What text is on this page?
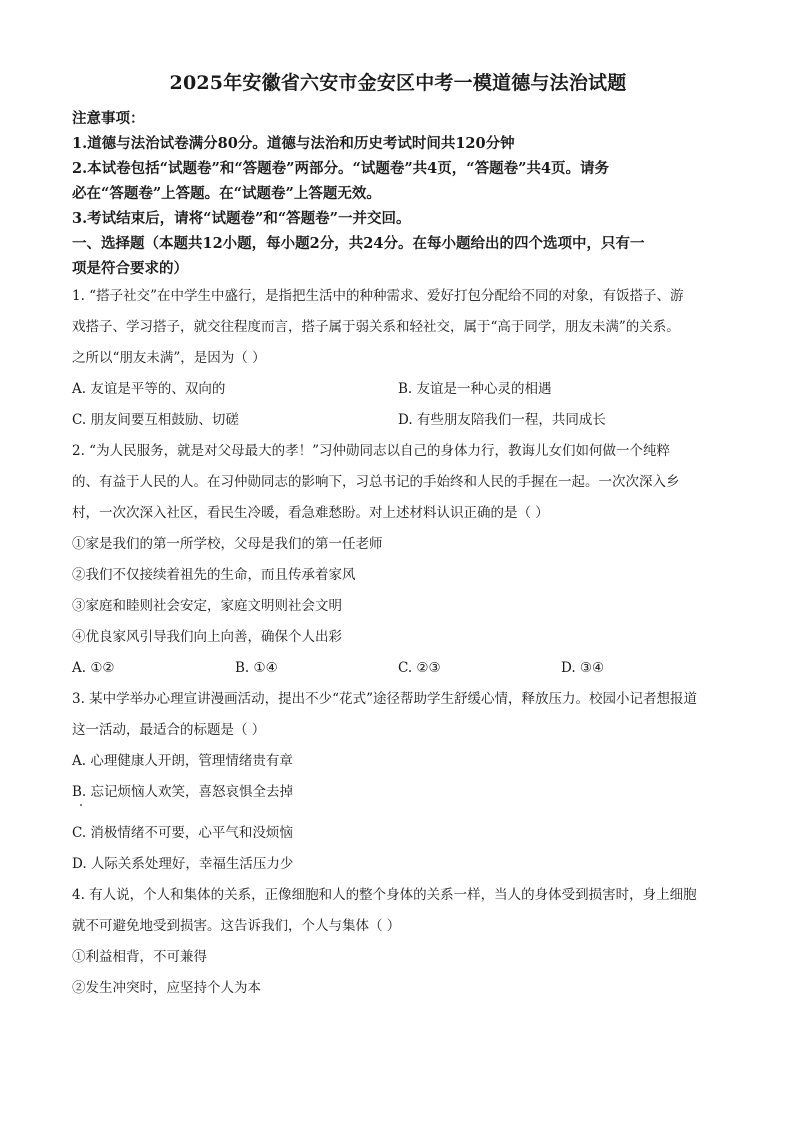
2025年安徽省六安市金安区中考一模道德与法治试题

注意事项：

1.道德与法治试卷满分80分。道德与法治和历史考试时间共120分钟

2.本试卷包括“试题卷”和“答题卷”两部分。“试题卷”共4页，“答题卷”共4页。请务

必在“答题卷”上答题。在“试题卷”上答题无效。

3.考试结束后，请将“试题卷”和“答题卷”一并交回。

一、选择题（本题共12小题，每小题2分，共24分。在每小题给出的四个选项中，只有一

项是符合要求的）

1. “搭子社交”在中学生中盛行，是指把生活中的种种需求、爱好打包分配给不同的对象，有饭搭子、游

戏搭子、学习搭子，就交往程度而言，搭子属于弱关系和轻社交，属于“高于同学，朋友未满”的关系。

之所以“朋友未满”，是因为（ ）

A. 友谊是平等的、双向的	B. 友谊是一种心灵的相遇
C. 朋友间要互相鼓励、切磋	D. 有些朋友陪我们一程，共同成长

2. “为人民服务，就是对父母最大的孝！”习仲勋同志以自己的身体力行，教诲儿女们如何做一个纯粹

的、有益于人民的人。在习仲勋同志的影响下，习总书记的手始终和人民的手握在一起。一次次深入乡

村，一次次深入社区，看民生冷暖，看急难愁盼。对上述材料认识正确的是（ ）

①家是我们的第一所学校，父母是我们的第一任老师

②我们不仅接续着祖先的生命，而且传承着家风

③家庭和睦则社会安定，家庭文明则社会文明

④优良家风引导我们向上向善，确保个人出彩

A. ①②	B. ①④	C. ②③	D. ③④

3. 某中学举办心理宣讲漫画活动，提出不少“花式”途径帮助学生舒缓心情，释放压力。校园小记者想报道

这一活动，最适合的标题是（ ）

A. 心理健康人开朗，管理情绪贵有章

B. 忘记烦恼人欢笑，喜怒哀惧全去掉

C. 消极情绪不可要，心平气和没烦恼

D. 人际关系处理好，幸福生活压力少

4. 有人说，个人和集体的关系，正像细胞和人的整个身体的关系一样，当人的身体受到损害时，身上细胞

就不可避免地受到损害。这告诉我们，个人与集体（ ）

①利益相背，不可兼得

②发生冲突时，应坚持个人为本
